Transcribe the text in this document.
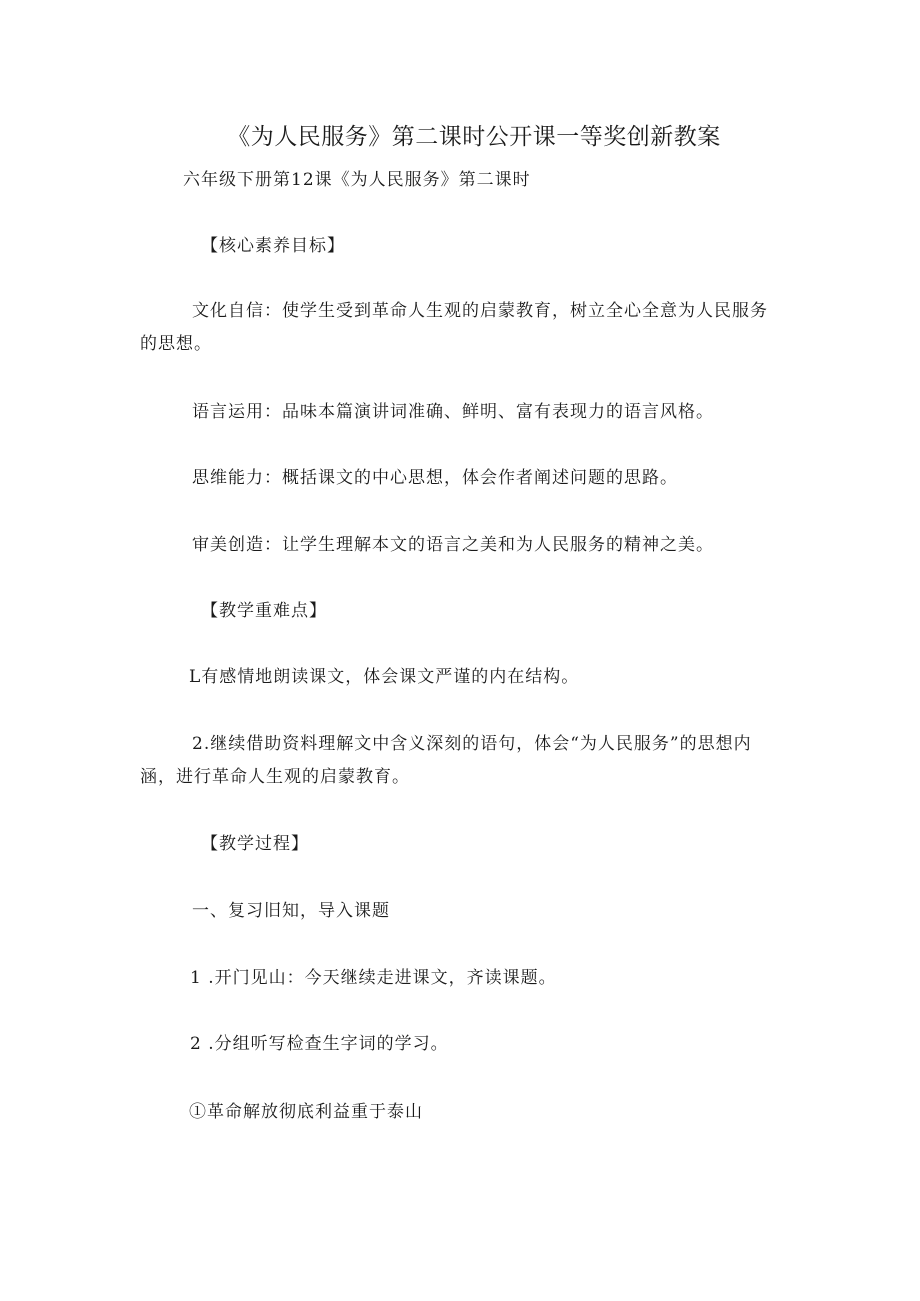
《为人民服务》第二课时公开课一等奖创新教案

六年级下册第12课《为人民服务》第二课时

【核心素养目标】

文化自信：使学生受到革命人生观的启蒙教育，树立全心全意为人民服务的思想。

语言运用：品味本篇演讲词准确、鲜明、富有表现力的语言风格。

思维能力：概括课文的中心思想，体会作者阐述问题的思路。

审美创造：让学生理解本文的语言之美和为人民服务的精神之美。

【教学重难点】

L有感情地朗读课文，体会课文严谨的内在结构。

2.继续借助资料理解文中含义深刻的语句，体会“为人民服务”的思想内涵，进行革命人生观的启蒙教育。

【教学过程】

一、复习旧知，导入课题

1 .开门见山：今天继续走进课文，齐读课题。

2 .分组听写检查生字词的学习。

①革命解放彻底利益重于泰山
